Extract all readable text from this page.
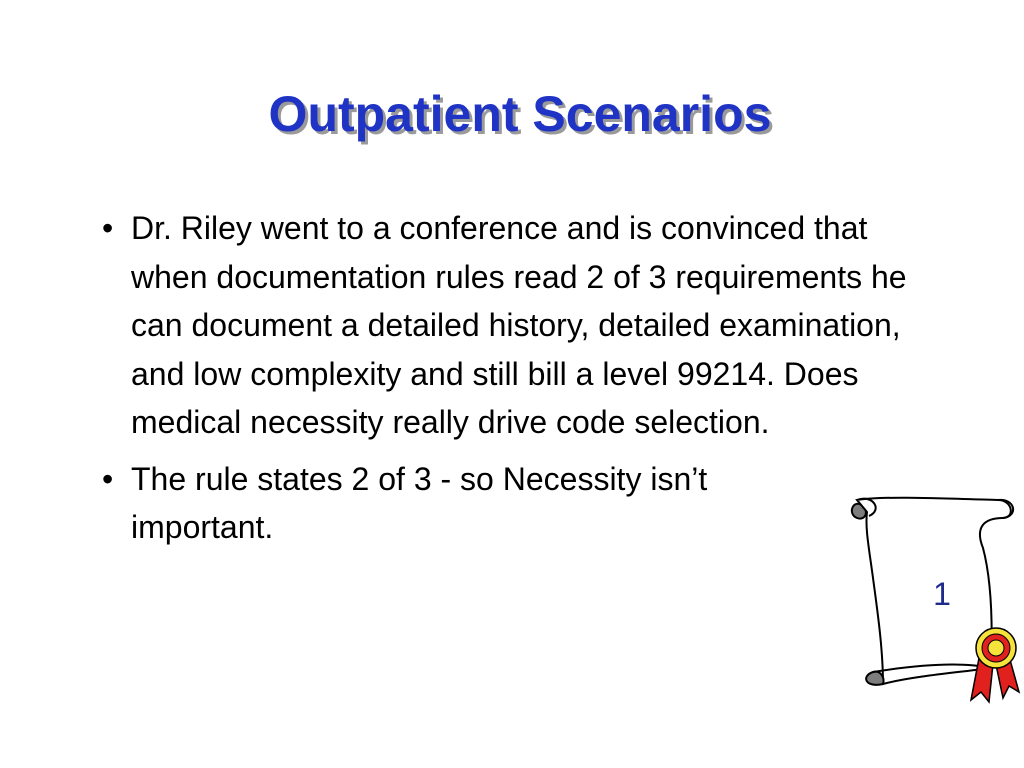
Outpatient Scenarios
• Dr. Riley went to a conference and is convinced that when documentation rules read 2 of 3 requirements he can document a detailed history, detailed examination, and low complexity and still bill a level 99214. Does medical necessity really drive code selection.
• The rule states 2 of 3 - so Necessity isn’t important.
1
